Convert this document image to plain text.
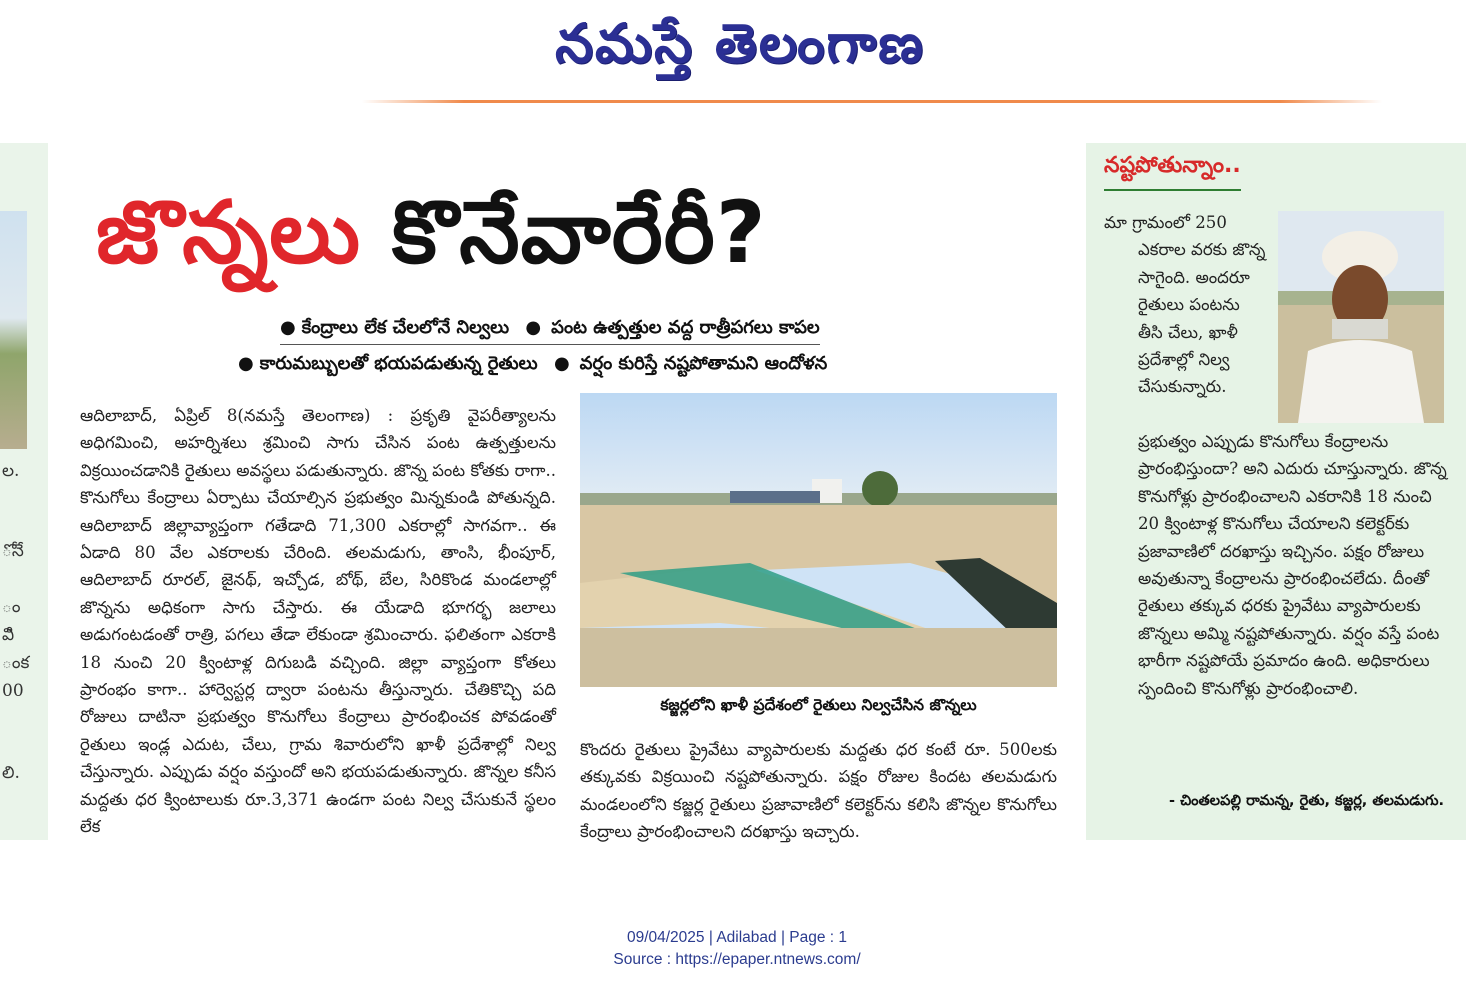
నమస్తే తెలంగాణ
ల.
ోనే
ం
విి
ంక
00
లి.
జొన్నలు కొనేవారేరీ?
● కేంద్రాలు లేక చేలలోనే నిల్వలు ● పంట ఉత్పత్తుల వద్ద రాత్రీపగలు కాపల
● కారుమబ్బులతో భయపడుతున్న రైతులు ● వర్షం కురిస్తే నష్టపోతామని ఆందోళన

ఆదిలాబాద్, ఏప్రిల్ 8(నమస్తే తెలంగాణ) : ప్రకృతి వైపరీత్యాలను అధిగమించి, అహర్నిశలు శ్రమించి సాగు చేసిన పంట ఉత్పత్తులను విక్రయించడానికి రైతులు అవస్థలు పడుతున్నారు. జొన్న పంట కోతకు రాగా.. కొనుగోలు కేంద్రాలు ఏర్పాటు చేయాల్సిన ప్రభుత్వం మిన్నకుండి పోతున్నది. ఆదిలాబాద్ జిల్లావ్యాప్తంగా గతేడాది 71,300 ఎకరాల్లో సాగవగా.. ఈ ఏడాది 80 వేల ఎకరాలకు చేరింది. తలమడుగు, తాంసి, భీంపూర్, ఆదిలాబాద్ రూరల్, జైనథ్, ఇచ్చోడ, బోథ్, బేల, సిరికొండ మండలాల్లో జొన్నను అధికంగా సాగు చేస్తారు. ఈ యేడాది భూగర్భ జలాలు అడుగంటడంతో రాత్రి, పగలు తేడా లేకుండా శ్రమించారు. ఫలితంగా ఎకరాకి 18 నుంచి 20 క్వింటాళ్ల దిగుబడి వచ్చింది. జిల్లా వ్యాప్తంగా కోతలు ప్రారంభం కాగా.. హార్వెస్టర్ల ద్వారా పంటను తీస్తున్నారు. చేతికొచ్చి పది రోజులు దాటినా ప్రభుత్వం కొనుగోలు కేంద్రాలు ప్రారంభించక పోవడంతో రైతులు ఇండ్ల ఎదుట, చేలు, గ్రామ శివారులోని ఖాళీ ప్రదేశాల్లో నిల్వ చేస్తున్నారు. ఎప్పుడు వర్షం వస్తుందో అని భయపడుతున్నారు. జొన్నల కనీస మద్దతు ధర క్వింటాలుకు రూ.3,371 ఉండగా పంట నిల్వ చేసుకునే స్థలం లేక

కజ్జర్లలోని ఖాళీ ప్రదేశంలో రైతులు నిల్వచేసిన జొన్నలు
కొందరు రైతులు ప్రైవేటు వ్యాపారులకు మద్దతు ధర కంటే రూ. 500లకు తక్కువకు విక్రయించి నష్టపోతున్నారు. పక్షం రోజుల కిందట తలమడుగు మండలంలోని కజ్జర్ల రైతులు ప్రజావాణిలో కలెక్టర్‌ను కలిసి జొన్నల కొనుగోలు కేంద్రాలు ప్రారంభించాలని దరఖాస్తు ఇచ్చారు.
నష్టపోతున్నాం..
మా గ్రామంలో 250
ఎకరాల వరకు జొన్న సాగైంది. అందరూ రైతులు పంటను తీసి చేలు, ఖాళీ ప్రదేశాల్లో నిల్వ చేసుకున్నారు.
ప్రభుత్వం ఎప్పుడు కొనుగోలు కేంద్రాలను ప్రారంభిస్తుందా? అని ఎదురు చూస్తున్నారు. జొన్న కొనుగోళ్లు ప్రారంభించాలని ఎకరానికి 18 నుంచి 20 క్వింటాళ్ల కొనుగోలు చేయాలని కలెక్టర్‌కు ప్రజావాణిలో దరఖాస్తు ఇచ్చినం. పక్షం రోజులు అవుతున్నా కేంద్రాలను ప్రారంభించలేదు. దీంతో రైతులు తక్కువ ధరకు ప్రైవేటు వ్యాపారులకు జొన్నలు అమ్మి నష్టపోతున్నారు. వర్షం వస్తే పంట భారీగా నష్టపోయే ప్రమాదం ఉంది. అధికారులు స్పందించి కొనుగోళ్లు ప్రారంభించాలి.
- చింతలపల్లి రామన్న, రైతు, కజ్జర్ల, తలమడుగు.
09/04/2025 | Adilabad | Page : 1
Source : https://epaper.ntnews.com/
